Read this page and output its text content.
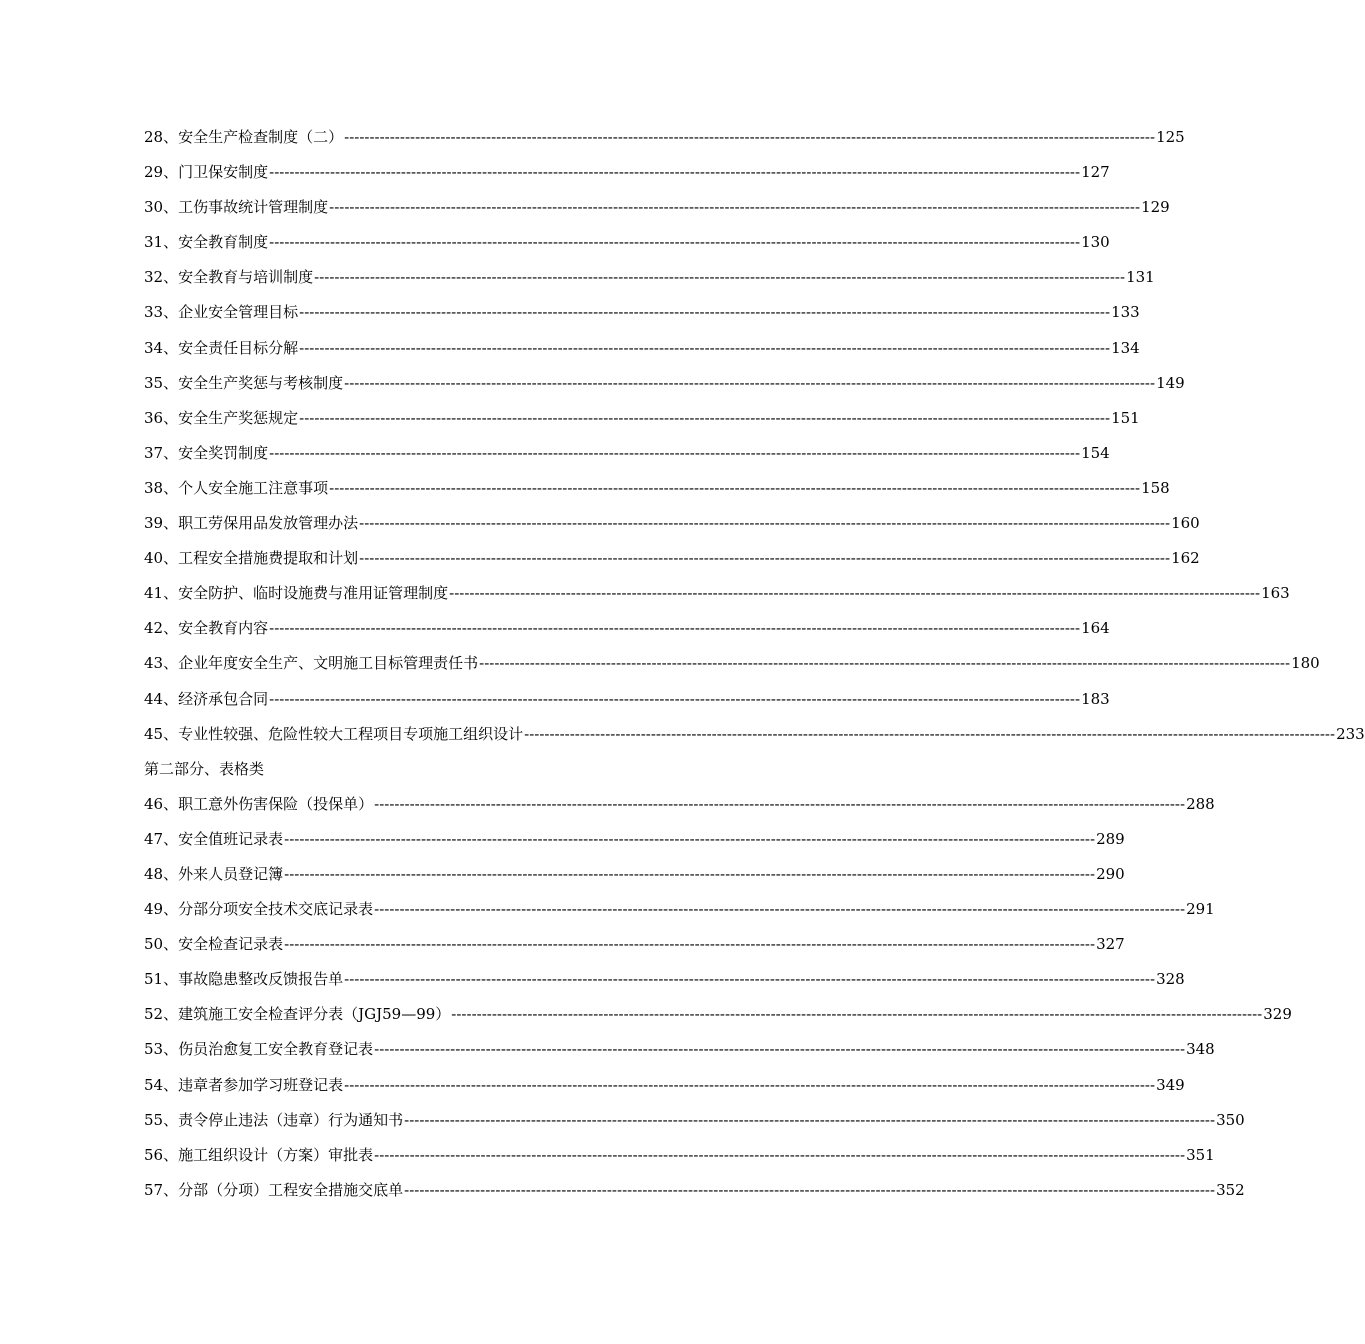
28 、 安全生产检查制度（二） ---------------------------------------------------------------------------------------------------------------------------------------------------------------- 125
29 、 门卫保安制度 ---------------------------------------------------------------------------------------------------------------------------------------------------------------- 127
30 、 工伤事故统计管理制度 ---------------------------------------------------------------------------------------------------------------------------------------------------------------- 129
31 、 安全教育制度 ---------------------------------------------------------------------------------------------------------------------------------------------------------------- 130
32 、 安全教育与培训制度 ---------------------------------------------------------------------------------------------------------------------------------------------------------------- 131
33 、 企业安全管理目标 ---------------------------------------------------------------------------------------------------------------------------------------------------------------- 133
34 、 安全责任目标分解 ---------------------------------------------------------------------------------------------------------------------------------------------------------------- 134
35 、 安全生产奖惩与考核制度 ---------------------------------------------------------------------------------------------------------------------------------------------------------------- 149
36 、 安全生产奖惩规定 ---------------------------------------------------------------------------------------------------------------------------------------------------------------- 151
37 、 安全奖罚制度 ---------------------------------------------------------------------------------------------------------------------------------------------------------------- 154
38 、 个人安全施工注意事项 ---------------------------------------------------------------------------------------------------------------------------------------------------------------- 158
39 、 职工劳保用品发放管理办法 ---------------------------------------------------------------------------------------------------------------------------------------------------------------- 160
40 、 工程安全措施费提取和计划 ---------------------------------------------------------------------------------------------------------------------------------------------------------------- 162
41 、 安全防护、临时设施费与准用证管理制度 ---------------------------------------------------------------------------------------------------------------------------------------------------------------- 163
42 、 安全教育内容 ---------------------------------------------------------------------------------------------------------------------------------------------------------------- 164
43 、 企业年度安全生产、文明施工目标管理责任书 ---------------------------------------------------------------------------------------------------------------------------------------------------------------- 180
44 、 经济承包合同 ---------------------------------------------------------------------------------------------------------------------------------------------------------------- 183
45 、 专业性较强、危险性较大工程项目专项施工组织设计 ---------------------------------------------------------------------------------------------------------------------------------------------------------------- 233
第二部分、表格类
46 、 职工意外伤害保险（投保单） ---------------------------------------------------------------------------------------------------------------------------------------------------------------- 288
47 、 安全值班记录表 ---------------------------------------------------------------------------------------------------------------------------------------------------------------- 289
48 、 外来人员登记簿 ---------------------------------------------------------------------------------------------------------------------------------------------------------------- 290
49 、 分部分项安全技术交底记录表 ---------------------------------------------------------------------------------------------------------------------------------------------------------------- 291
50 、 安全检查记录表 ---------------------------------------------------------------------------------------------------------------------------------------------------------------- 327
51 、 事故隐患整改反馈报告单 ---------------------------------------------------------------------------------------------------------------------------------------------------------------- 328
52 、 建筑施工安全检查评分表（JGJ59—99） ---------------------------------------------------------------------------------------------------------------------------------------------------------------- 329
53 、 伤员治愈复工安全教育登记表 ---------------------------------------------------------------------------------------------------------------------------------------------------------------- 348
54 、 违章者参加学习班登记表 ---------------------------------------------------------------------------------------------------------------------------------------------------------------- 349
55 、 责令停止违法（违章）行为通知书 ---------------------------------------------------------------------------------------------------------------------------------------------------------------- 350
56 、 施工组织设计（方案）审批表 ---------------------------------------------------------------------------------------------------------------------------------------------------------------- 351
57 、 分部（分项）工程安全措施交底单 ---------------------------------------------------------------------------------------------------------------------------------------------------------------- 352
